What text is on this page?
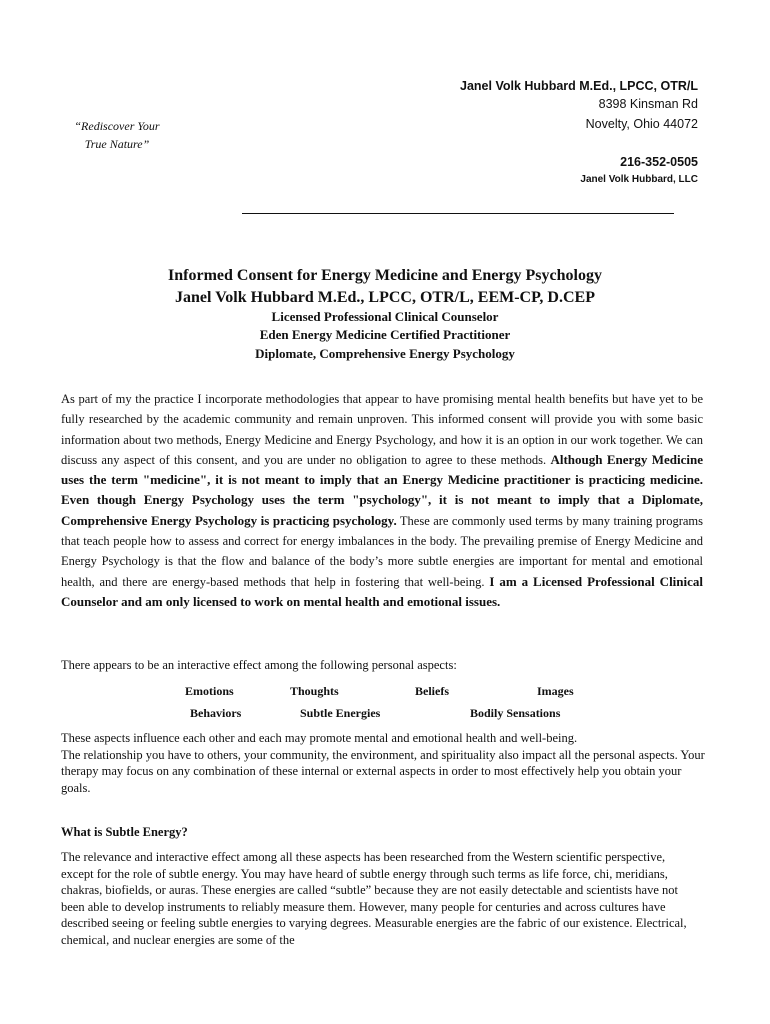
“Rediscover Your True Nature”
Janel Volk Hubbard M.Ed., LPCC, OTR/L
8398 Kinsman Rd
Novelty, Ohio 44072
216-352-0505
Janel Volk Hubbard, LLC
Informed Consent for Energy Medicine and Energy Psychology
Janel Volk Hubbard M.Ed., LPCC, OTR/L, EEM-CP, D.CEP
Licensed Professional Clinical Counselor
Eden Energy Medicine Certified Practitioner
Diplomate, Comprehensive Energy Psychology
As part of my the practice I incorporate methodologies that appear to have promising mental health benefits but have yet to be fully researched by the academic community and remain unproven. This informed consent will provide you with some basic information about two methods, Energy Medicine and Energy Psychology, and how it is an option in our work together. We can discuss any aspect of this consent, and you are under no obligation to agree to these methods. Although Energy Medicine uses the term "medicine", it is not meant to imply that an Energy Medicine practitioner is practicing medicine. Even though Energy Psychology uses the term "psychology", it is not meant to imply that a Diplomate, Comprehensive Energy Psychology is practicing psychology. These are commonly used terms by many training programs that teach people how to assess and correct for energy imbalances in the body. The prevailing premise of Energy Medicine and Energy Psychology is that the flow and balance of the body’s more subtle energies are important for mental and emotional health, and there are energy-based methods that help in fostering that well-being. I am a Licensed Professional Clinical Counselor and am only licensed to work on mental health and emotional issues.
There appears to be an interactive effect among the following personal aspects:
Emotions	Thoughts	Beliefs	Images
Behaviors	Subtle Energies	Bodily Sensations
These aspects influence each other and each may promote mental and emotional health and well-being.
The relationship you have to others, your community, the environment, and spirituality also impact all the personal aspects. Your therapy may focus on any combination of these internal or external aspects in order to most effectively help you obtain your goals.
What is Subtle Energy?
The relevance and interactive effect among all these aspects has been researched from the Western scientific perspective, except for the role of subtle energy. You may have heard of subtle energy through such terms as life force, chi, meridians, chakras, biofields, or auras. These energies are called “subtle” because they are not easily detectable and scientists have not been able to develop instruments to reliably measure them. However, many people for centuries and across cultures have described seeing or feeling subtle energies to varying degrees. Measurable energies are the fabric of our existence. Electrical, chemical, and nuclear energies are some of the
